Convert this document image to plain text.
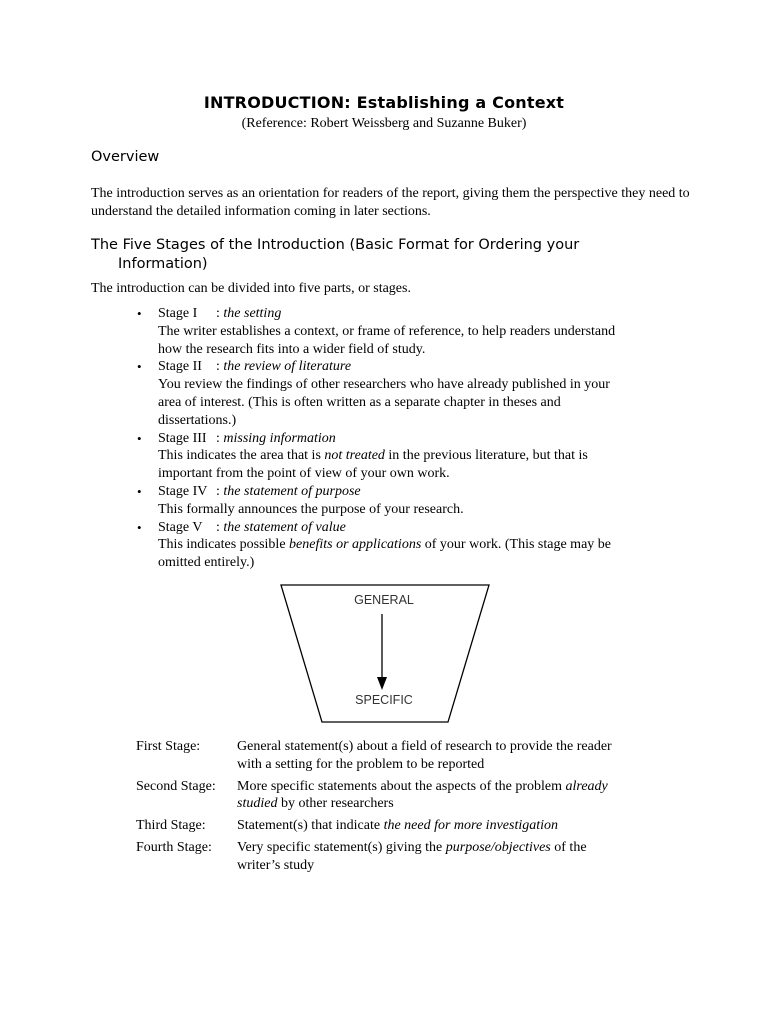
INTRODUCTION: Establishing a Context
(Reference: Robert Weissberg and Suzanne Buker)
Overview
The introduction serves as an orientation for readers of the report, giving them the perspective they need to understand the detailed information coming in later sections.
The Five Stages of the Introduction (Basic Format for Ordering your
Information)
The introduction can be divided into five parts, or stages.
• Stage I : the setting
The writer establishes a context, or frame of reference, to help readers understand how the research fits into a wider field of study.
• Stage II : the review of literature
You review the findings of other researchers who have already published in your area of interest. (This is often written as a separate chapter in theses and dissertations.)
• Stage III : missing information
This indicates the area that is not treated in the previous literature, but that is important from the point of view of your own work.
• Stage IV : the statement of purpose
This formally announces the purpose of your research.
• Stage V : the statement of value
This indicates possible benefits or applications of your work. (This stage may be omitted entirely.)
GENERAL
SPECIFIC
First Stage:	General statement(s) about a field of research to provide the reader with a setting for the problem to be reported
Second Stage:	More specific statements about the aspects of the problem already studied by other researchers
Third Stage:	Statement(s) that indicate the need for more investigation
Fourth Stage:	Very specific statement(s) giving the purpose/objectives of the writer’s study
